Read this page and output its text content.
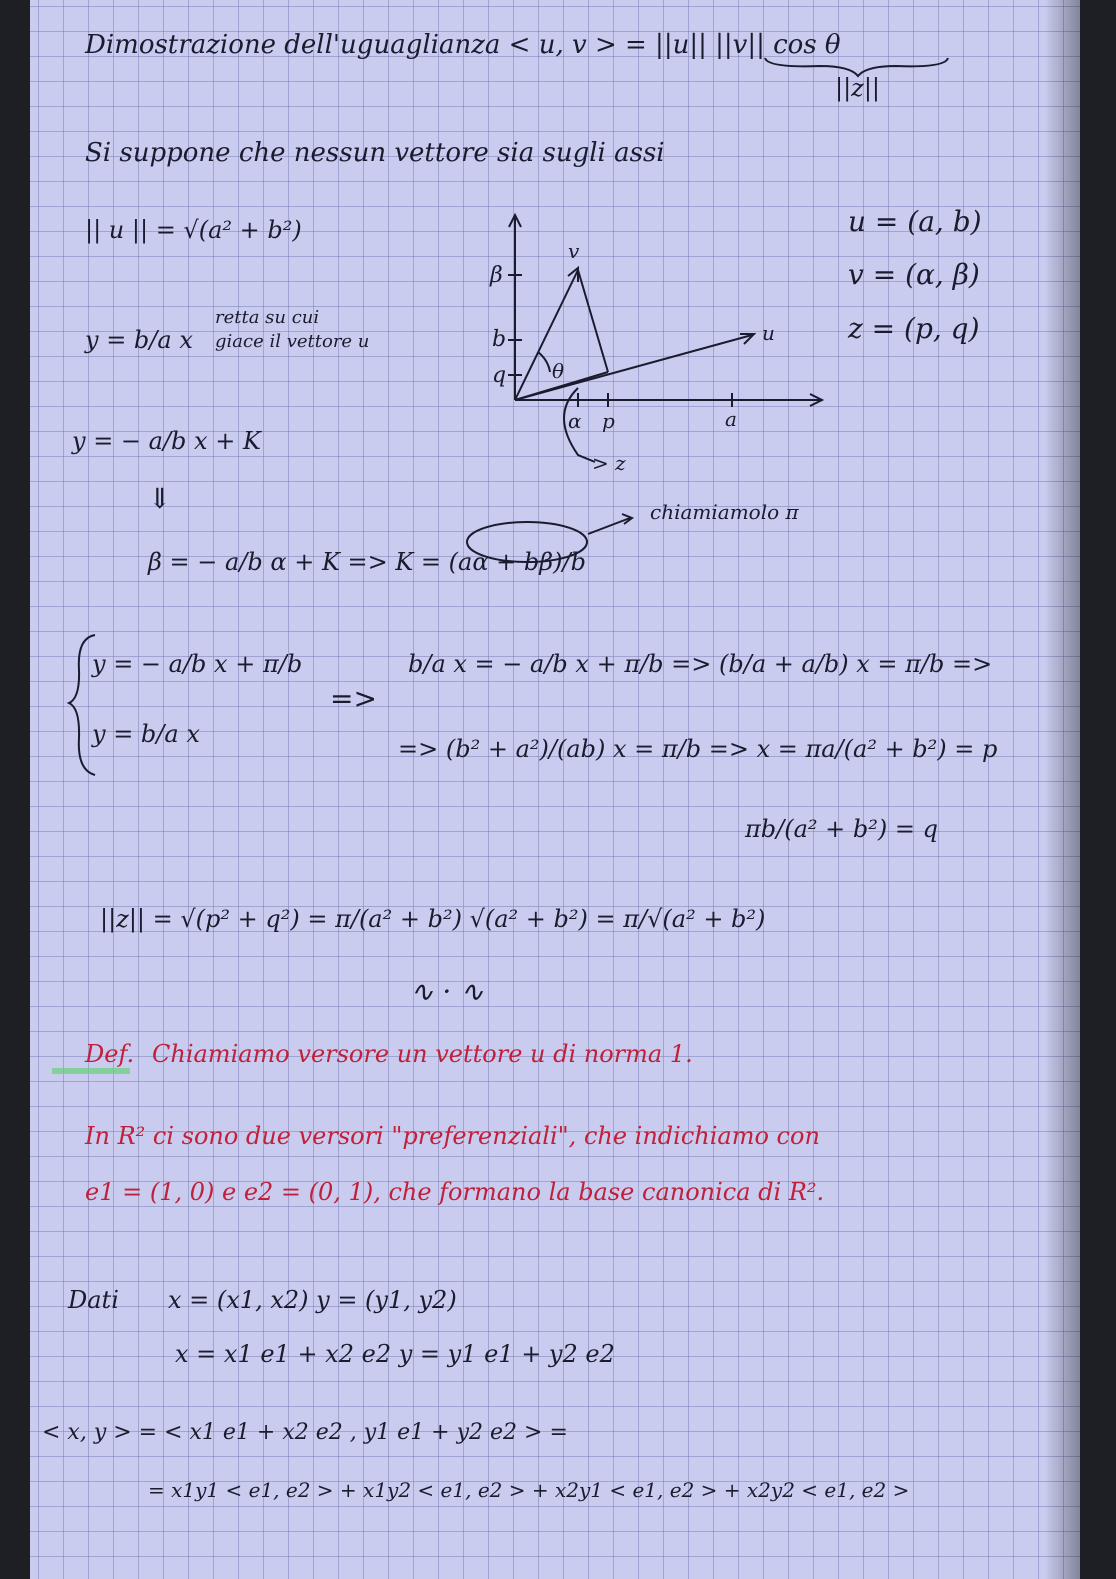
Dimostrazione dell'uguaglianza < u, v > = ||u|| ||v|| cos θ
||z||
Si suppone che nessun vettore sia sugli assi
|| u || = √(a² + b²)	u = (a, b)
v = (α, β)
z = (p, q)
y = b/a x
retta su cui
giace il vettore u
y = − a/b x + K
⇓
β = − a/b α + K => K = (aα + bβ)/b
chiamiamolo π
β
b
q
α p	a
v
u
θ
> z
y = − a/b x + π/b
y = b/a x
=>
b/a x = − a/b x + π/b => (b/a + a/b) x = π/b =>
=> (b² + a²)/(ab) x = π/b => x = πa/(a² + b²) = p
πb/(a² + b²) = q
||z|| = √(p² + q²) = π/(a² + b²) √(a² + b²) = π/√(a² + b²)
∿ · ∿
Def. Chiamiamo versore un vettore u di norma 1.
In R² ci sono due versori "preferenziali", che indichiamo con
e1 = (1, 0) e e2 = (0, 1), che formano la base canonica di R².
Dati x = (x1, x2) y = (y1, y2)
x = x1 e1 + x2 e2 y = y1 e1 + y2 e2
< x, y > = < x1 e1 + x2 e2 , y1 e1 + y2 e2 > =
= x1y1 < e1, e2 > + x1y2 < e1, e2 > + x2y1 < e1, e2 > + x2y2 < e1, e2 >
